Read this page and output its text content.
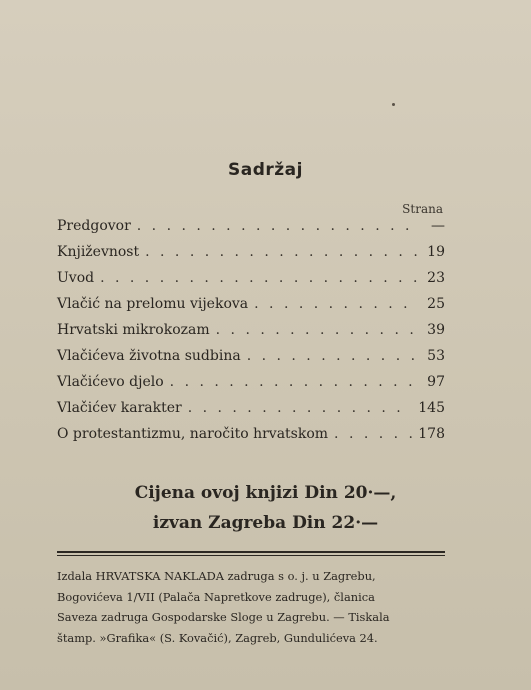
Sadržaj
Strana
Predgovor . . .	—
Književnost . . .	19
Uvod . . .	23
Vlačić na prelomu vijekova . . .	25
Hrvatski mikrokozam . . .	39
Vlačićeva životna sudbina . . .	53
Vlačićevo djelo . . .	97
Vlačićev karakter . . .	145
O protestantizmu, naročito hrvatskom . . .	178
Cijena ovoj knjizi Din 20·—,
izvan Zagreba Din 22·—
Izdala HRVATSKA NAKLADA zadruga s o. j. u Zagrebu,
Bogovićeva 1/VII (Palača Napretkove zadruge), članica
Saveza zadruga Gospodarske Sloge u Zagrebu. — Tiskala
štamp. »Grafika« (S. Kovačić), Zagreb, Gundulićeva 24.
